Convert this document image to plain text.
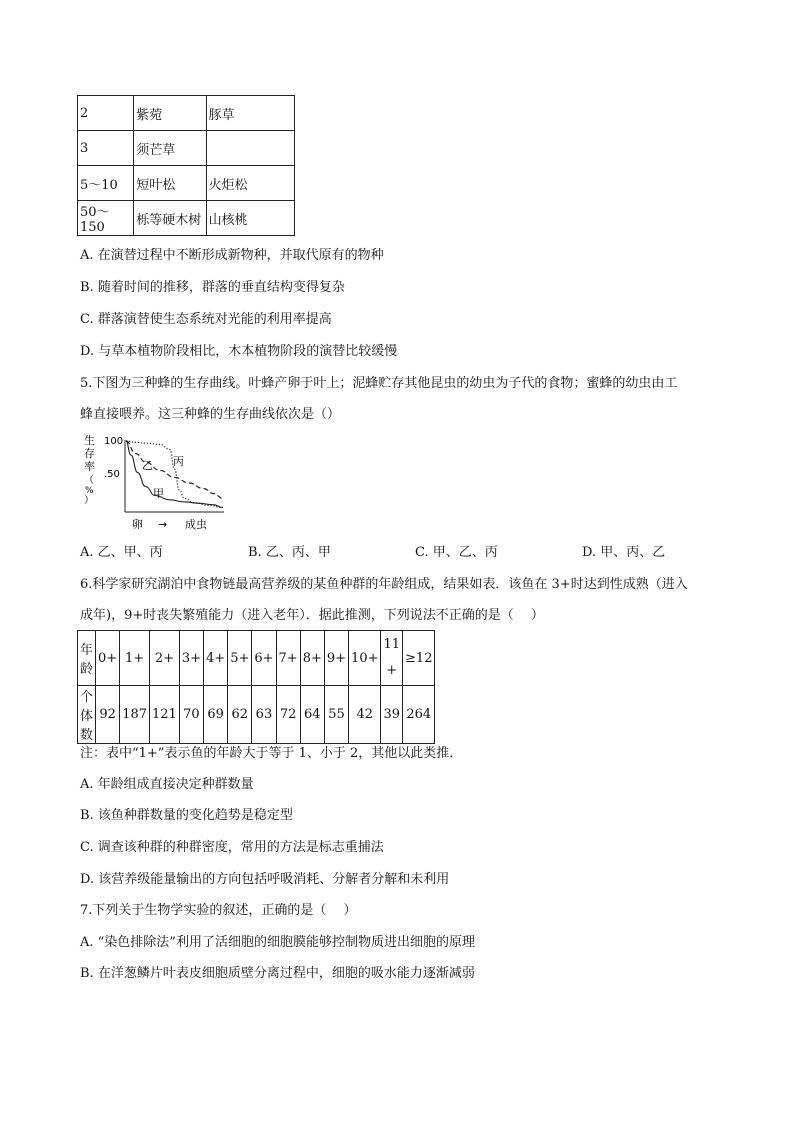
2	紫菀	豚草
3	须芒草	
5～10	短叶松	火炬松
50～150	栎等硬木树	山核桃
A. 在演替过程中不断形成新物种，并取代原有的物种
B. 随着时间的推移，群落的垂直结构变得复杂
C. 群落演替使生态系统对光能的利用率提高
D. 与草本植物阶段相比，木本植物阶段的演替比较缓慢
5.下图为三种蜂的生存曲线。叶蜂产卵于叶上；泥蜂贮存其他昆虫的幼虫为子代的食物；蜜蜂的幼虫由工
蜂直接喂养。这三种蜂的生存曲线依次是（）
生
存
率
（
%
）
100
.50
乙 丙
甲
卵 → 成虫
A. 乙、甲、丙	B. 乙、丙、甲	C. 甲、乙、丙	D. 甲、丙、乙
6.科学家研究湖泊中食物链最高营养级的某鱼种群的年龄组成，结果如表．该鱼在 3+时达到性成熟（进入
成年)，9+时丧失繁殖能力（进入老年）．据此推测，下列说法不正确的是（　 ）
年龄	0+	1+	2+	3+	4+	5+	6+	7+	8+	9+	10+	11+	≥12
个体数	92	187	121	70	69	62	63	72	64	55	42	39	264
注：表中“1+”表示鱼的年龄大于等于 1、小于 2，其他以此类推．
A. 年龄组成直接决定种群数量
B. 该鱼种群数量的变化趋势是稳定型
C. 调查该种群的种群密度，常用的方法是标志重捕法
D. 该营养级能量输出的方向包括呼吸消耗、分解者分解和未利用
7.下列关于生物学实验的叙述，正确的是（　 ）
A. “染色排除法”利用了活细胞的细胞膜能够控制物质进出细胞的原理
B. 在洋葱鳞片叶表皮细胞质壁分离过程中，细胞的吸水能力逐渐减弱
